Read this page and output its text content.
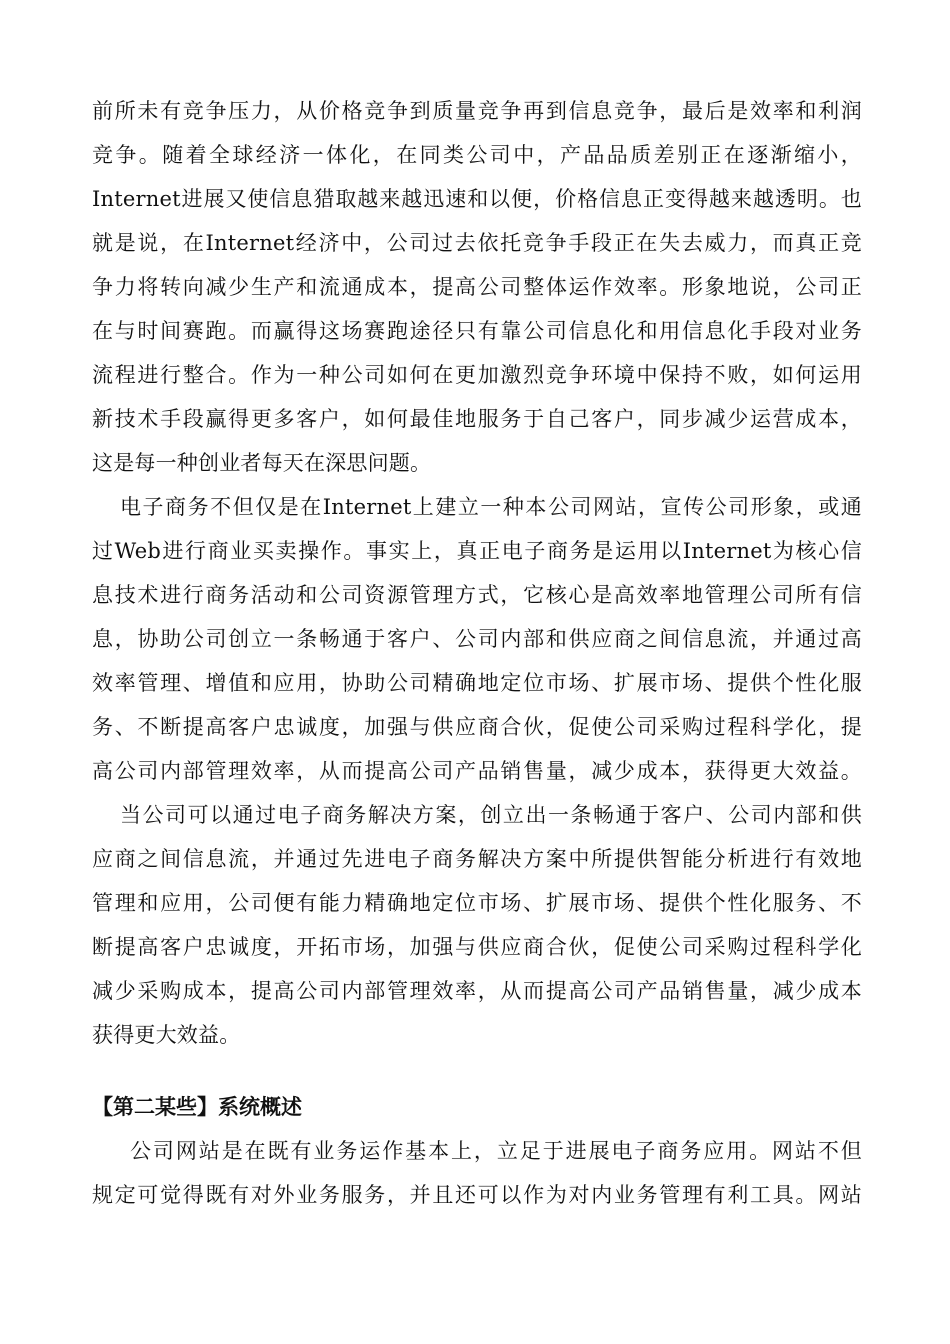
前所未有竞争压力，从价格竞争到质量竞争再到信息竞争，最后是效率和利润
竞争。随着全球经济一体化，在同类公司中，产品品质差别正在逐渐缩小，
Internet进展又使信息猎取越来越迅速和以便，价格信息正变得越来越透明。也
就是说，在Internet经济中，公司过去依托竞争手段正在失去威力，而真正竞
争力将转向减少生产和流通成本，提高公司整体运作效率。形象地说，公司正
在与时间赛跑。而赢得这场赛跑途径只有靠公司信息化和用信息化手段对业务
流程进行整合。作为一种公司如何在更加激烈竞争环境中保持不败，如何运用
新技术手段赢得更多客户，如何最佳地服务于自己客户，同步减少运营成本，
这是每一种创业者每天在深思问题。
电子商务不但仅是在Internet上建立一种本公司网站，宣传公司形象，或通
过Web进行商业买卖操作。事实上，真正电子商务是运用以Internet为核心信
息技术进行商务活动和公司资源管理方式，它核心是高效率地管理公司所有信
息，协助公司创立一条畅通于客户、公司内部和供应商之间信息流，并通过高
效率管理、增值和应用，协助公司精确地定位市场、扩展市场、提供个性化服
务、不断提高客户忠诚度，加强与供应商合伙，促使公司采购过程科学化，提
高公司内部管理效率，从而提高公司产品销售量，减少成本，获得更大效益。
当公司可以通过电子商务解决方案，创立出一条畅通于客户、公司内部和供
应商之间信息流，并通过先进电子商务解决方案中所提供智能分析进行有效地
管理和应用，公司便有能力精确地定位市场、扩展市场、提供个性化服务、不
断提高客户忠诚度，开拓市场，加强与供应商合伙，促使公司采购过程科学化
减少采购成本，提高公司内部管理效率，从而提高公司产品销售量，减少成本
获得更大效益。
【第二某些】系统概述
公司网站是在既有业务运作基本上，立足于进展电子商务应用。网站不但
规定可觉得既有对外业务服务，并且还可以作为对内业务管理有利工具。网站
